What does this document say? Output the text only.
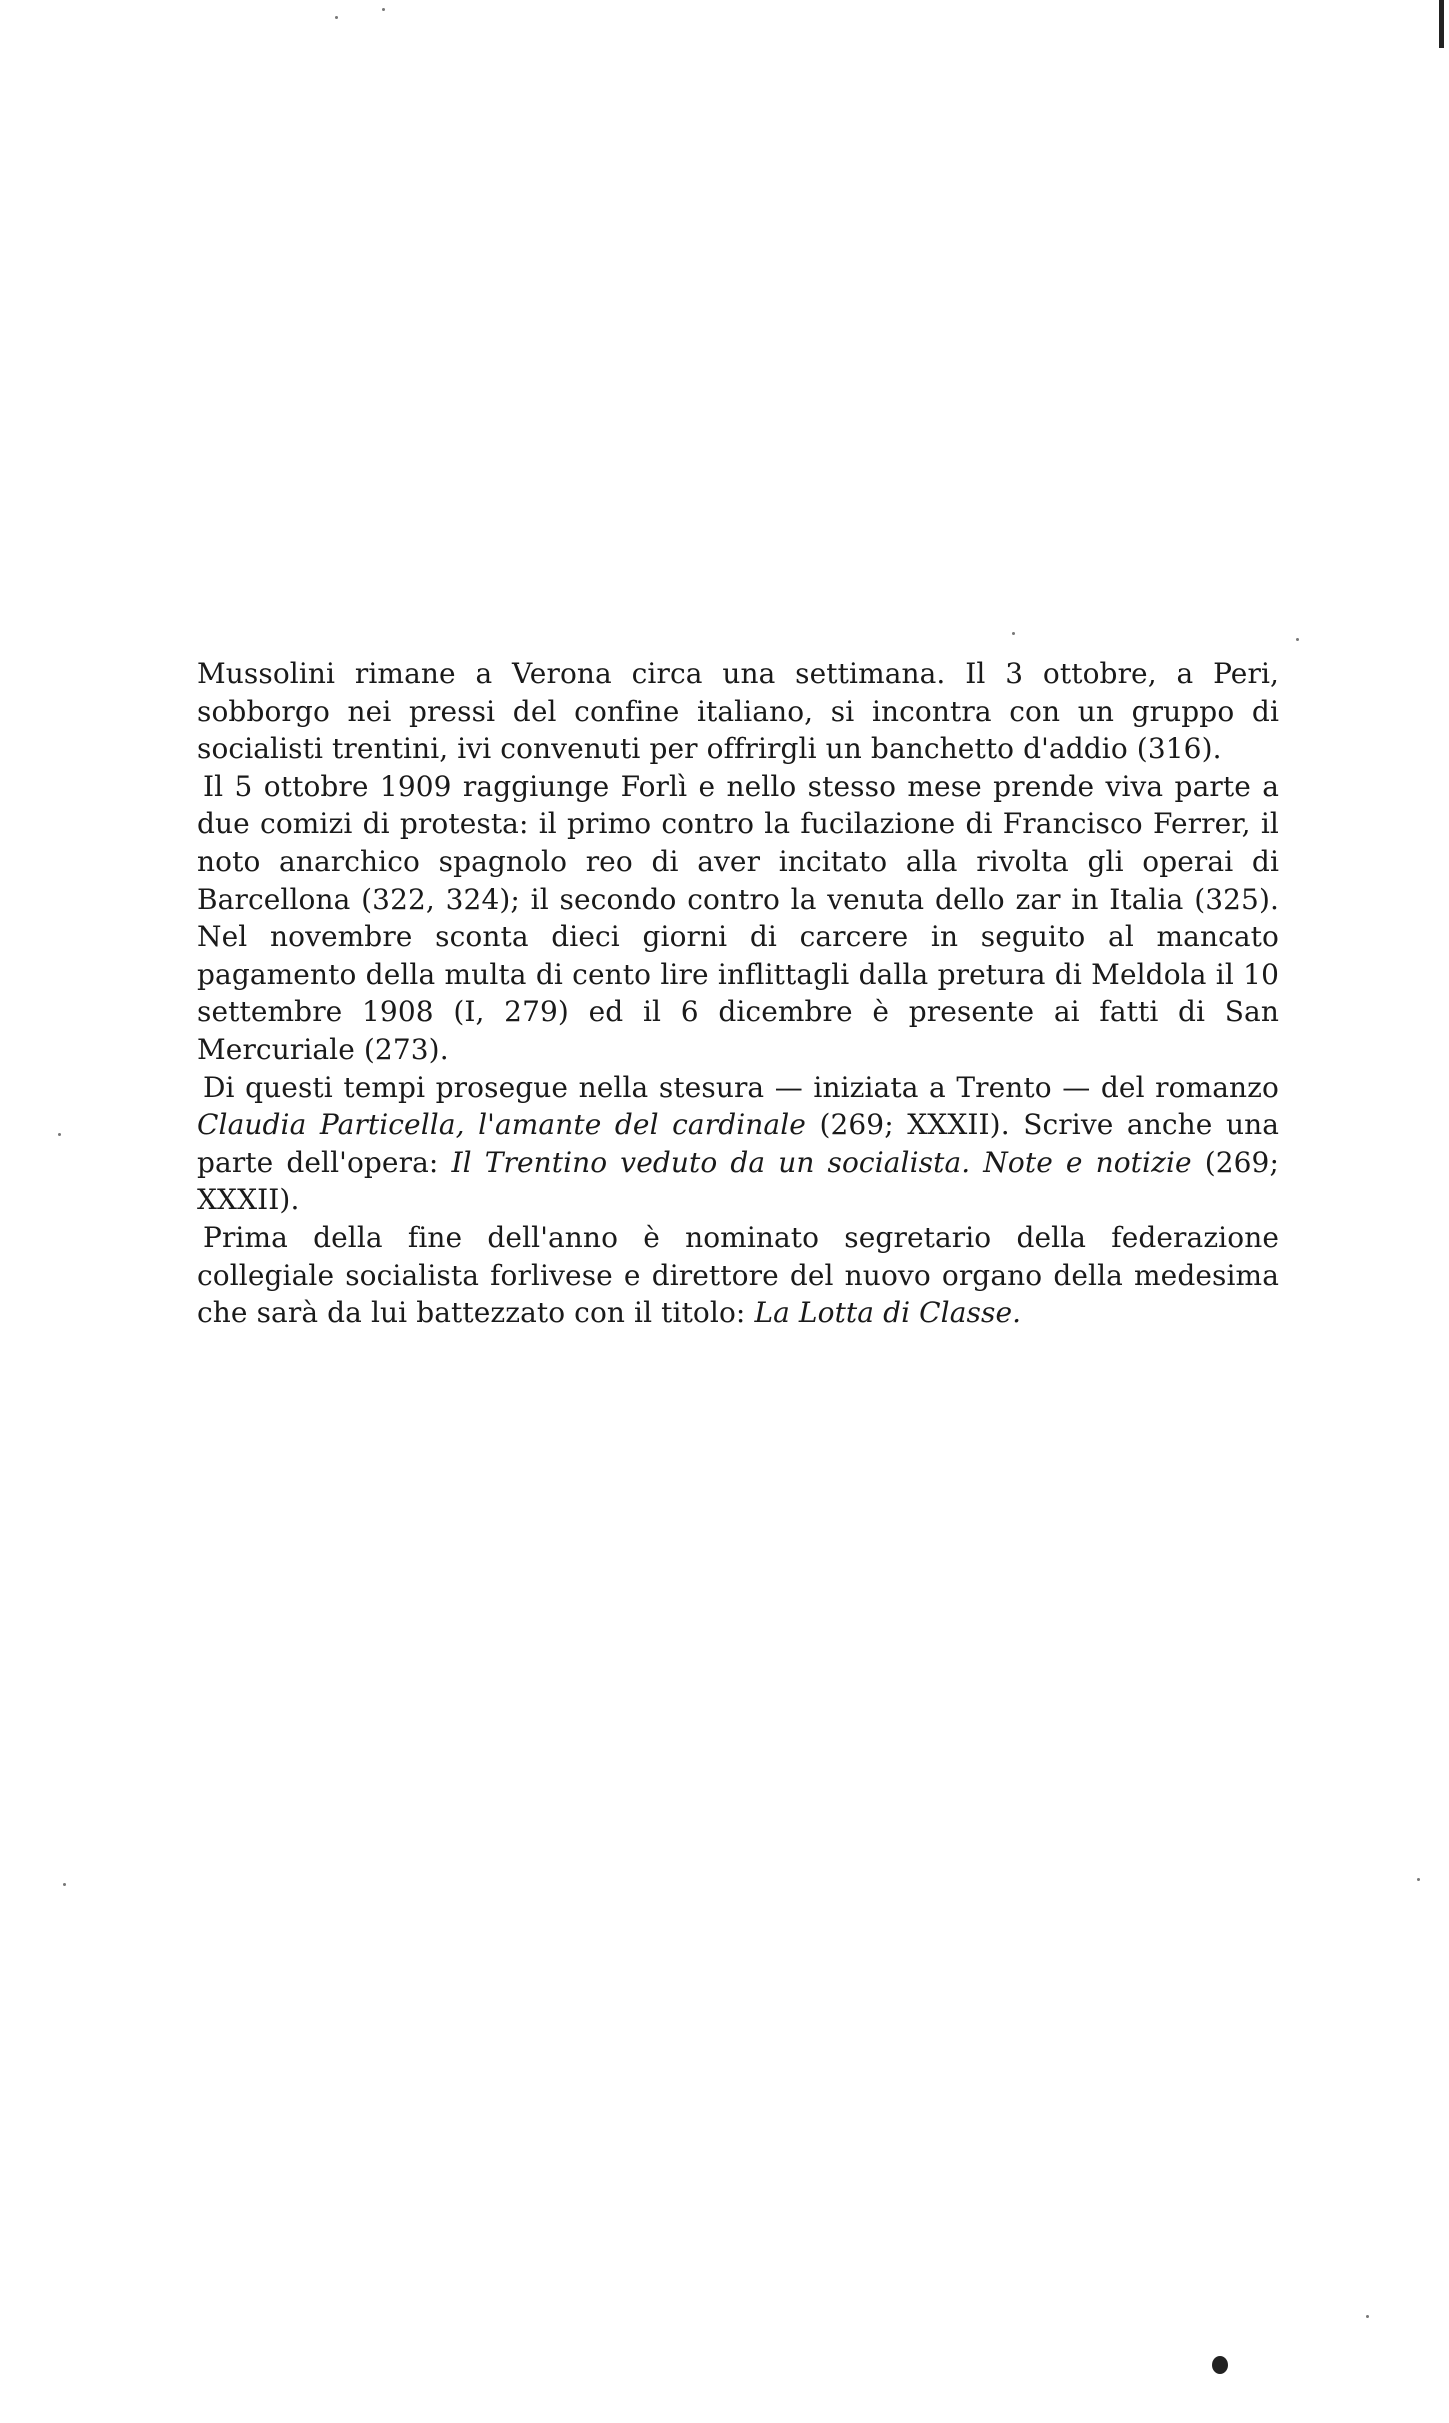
Mussolini rimane a Verona circa una settimana. Il 3 ottobre, a Peri, sobborgo nei pressi del confine italiano, si incontra con un gruppo di socialisti trentini, ivi convenuti per offrirgli un banchetto d'addio (316).

Il 5 ottobre 1909 raggiunge Forlì e nello stesso mese prende viva parte a due comizi di protesta: il primo contro la fucilazione di Francisco Ferrer, il noto anarchico spagnolo reo di aver incitato alla rivolta gli operai di Barcellona (322, 324); il secondo contro la venuta dello zar in Italia (325). Nel novembre sconta dieci giorni di carcere in seguito al mancato pagamento della multa di cento lire inflittagli dalla pretura di Meldola il 10 settembre 1908 (I, 279) ed il 6 dicembre è presente ai fatti di San Mercuriale (273).

Di questi tempi prosegue nella stesura — iniziata a Trento — del romanzo Claudia Particella, l'amante del cardinale (269; XXXII). Scrive anche una parte dell'opera: Il Trentino veduto da un socialista. Note e notizie (269; XXXII).

Prima della fine dell'anno è nominato segretario della federazione collegiale socialista forlivese e direttore del nuovo organo della medesima che sarà da lui battezzato con il titolo: La Lotta di Classe.
